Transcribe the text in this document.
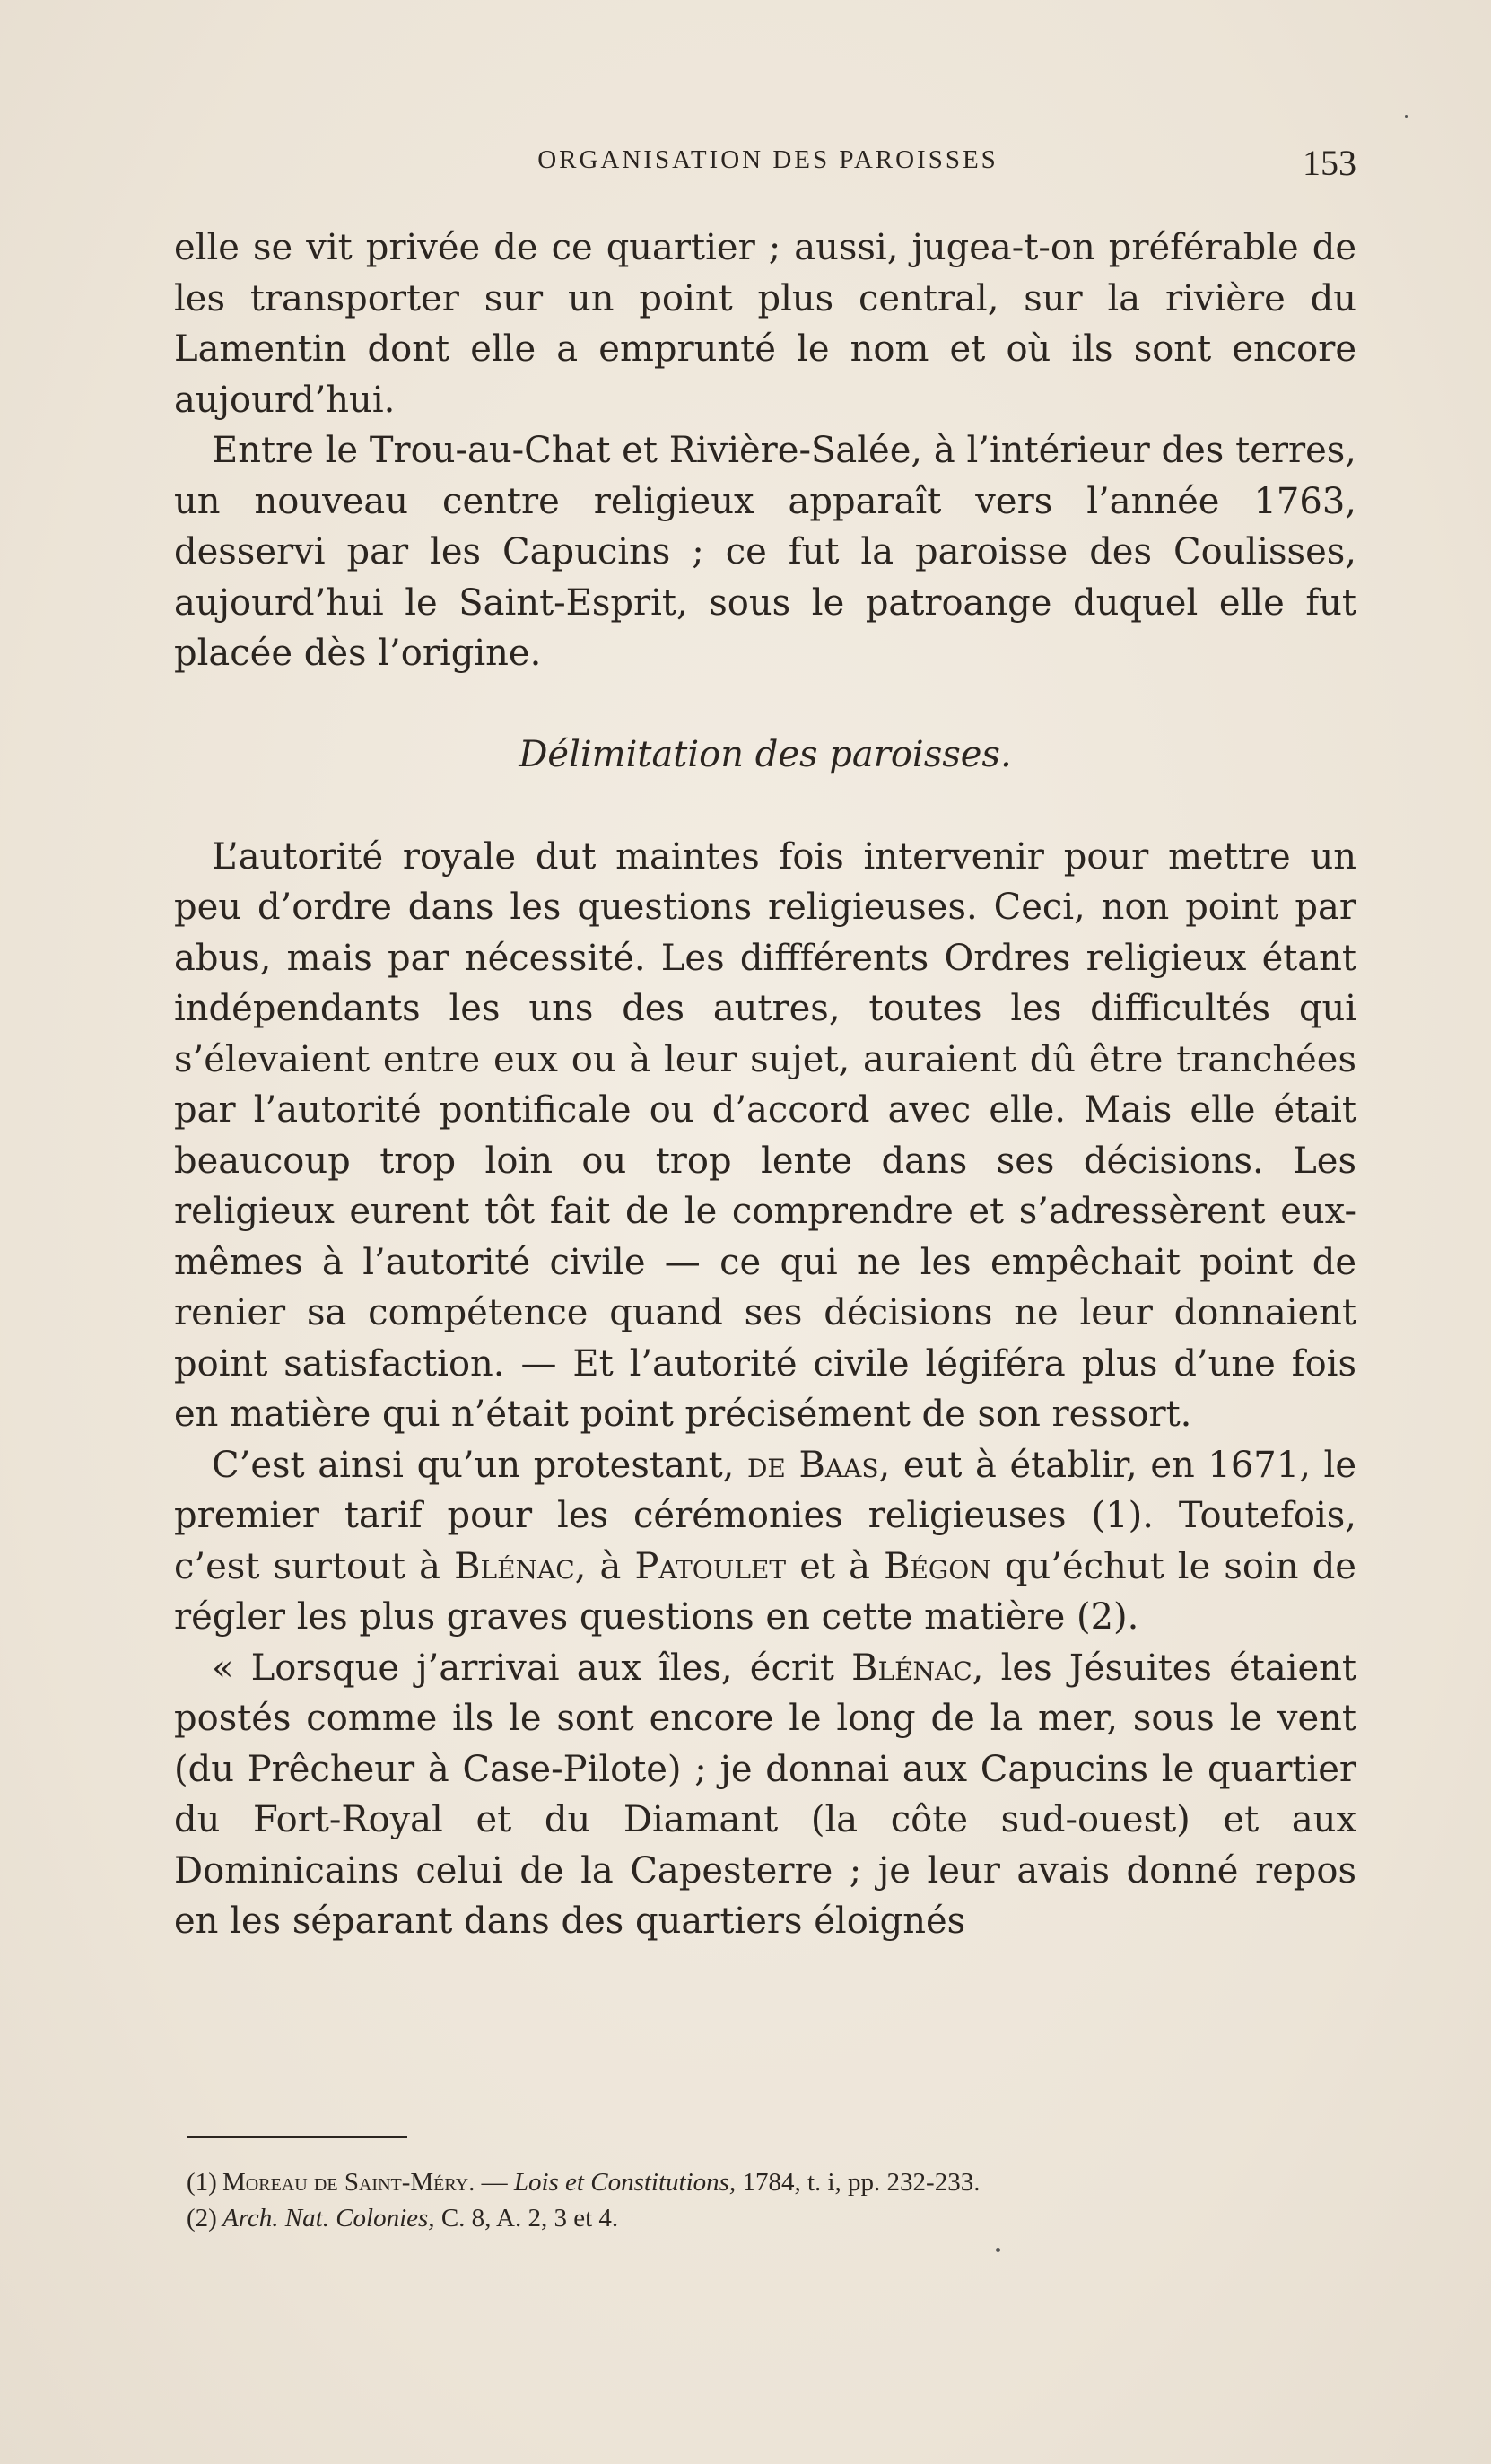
ORGANISATION DES PAROISSES	153

elle se vit privée de ce quartier ; aussi, jugea-t-on préférable de les transporter sur un point plus central, sur la rivière du Lamentin dont elle a emprunté le nom et où ils sont encore aujourd’hui.

Entre le Trou-au-Chat et Rivière-Salée, à l’intérieur des terres, un nouveau centre religieux apparaît vers l’année 1763, desservi par les Capucins ; ce fut la paroisse des Coulisses, aujourd’hui le Saint-Esprit, sous le patroange duquel elle fut placée dès l’origine.

Délimitation des paroisses.

L’autorité royale dut maintes fois intervenir pour mettre un peu d’ordre dans les questions religieuses. Ceci, non point par abus, mais par nécessité. Les diffférents Ordres religieux étant indépendants les uns des autres, toutes les difficultés qui s’élevaient entre eux ou à leur sujet, auraient dû être tranchées par l’autorité pontificale ou d’accord avec elle. Mais elle était beaucoup trop loin ou trop lente dans ses décisions. Les religieux eurent tôt fait de le comprendre et s’adressèrent eux-mêmes à l’autorité civile — ce qui ne les empêchait point de renier sa compétence quand ses décisions ne leur donnaient point satisfaction. — Et l’autorité civile légiféra plus d’une fois en matière qui n’était point précisément de son ressort.

C’est ainsi qu’un protestant, de Baas, eut à établir, en 1671, le premier tarif pour les cérémonies religieuses (1). Toutefois, c’est surtout à Blénac, à Patoulet et à Bégon qu’échut le soin de régler les plus graves questions en cette matière (2).

« Lorsque j’arrivai aux îles, écrit Blénac, les Jésuites étaient postés comme ils le sont encore le long de la mer, sous le vent (du Prêcheur à Case-Pilote) ; je donnai aux Capucins le quartier du Fort-Royal et du Diamant (la côte sud-ouest) et aux Dominicains celui de la Capesterre ; je leur avais donné repos en les séparant dans des quartiers éloignés

(1) Moreau de Saint-Méry. — Lois et Constitutions, 1784, t. i, pp. 232-233.

(2) Arch. Nat. Colonies, C. 8, A. 2, 3 et 4.
